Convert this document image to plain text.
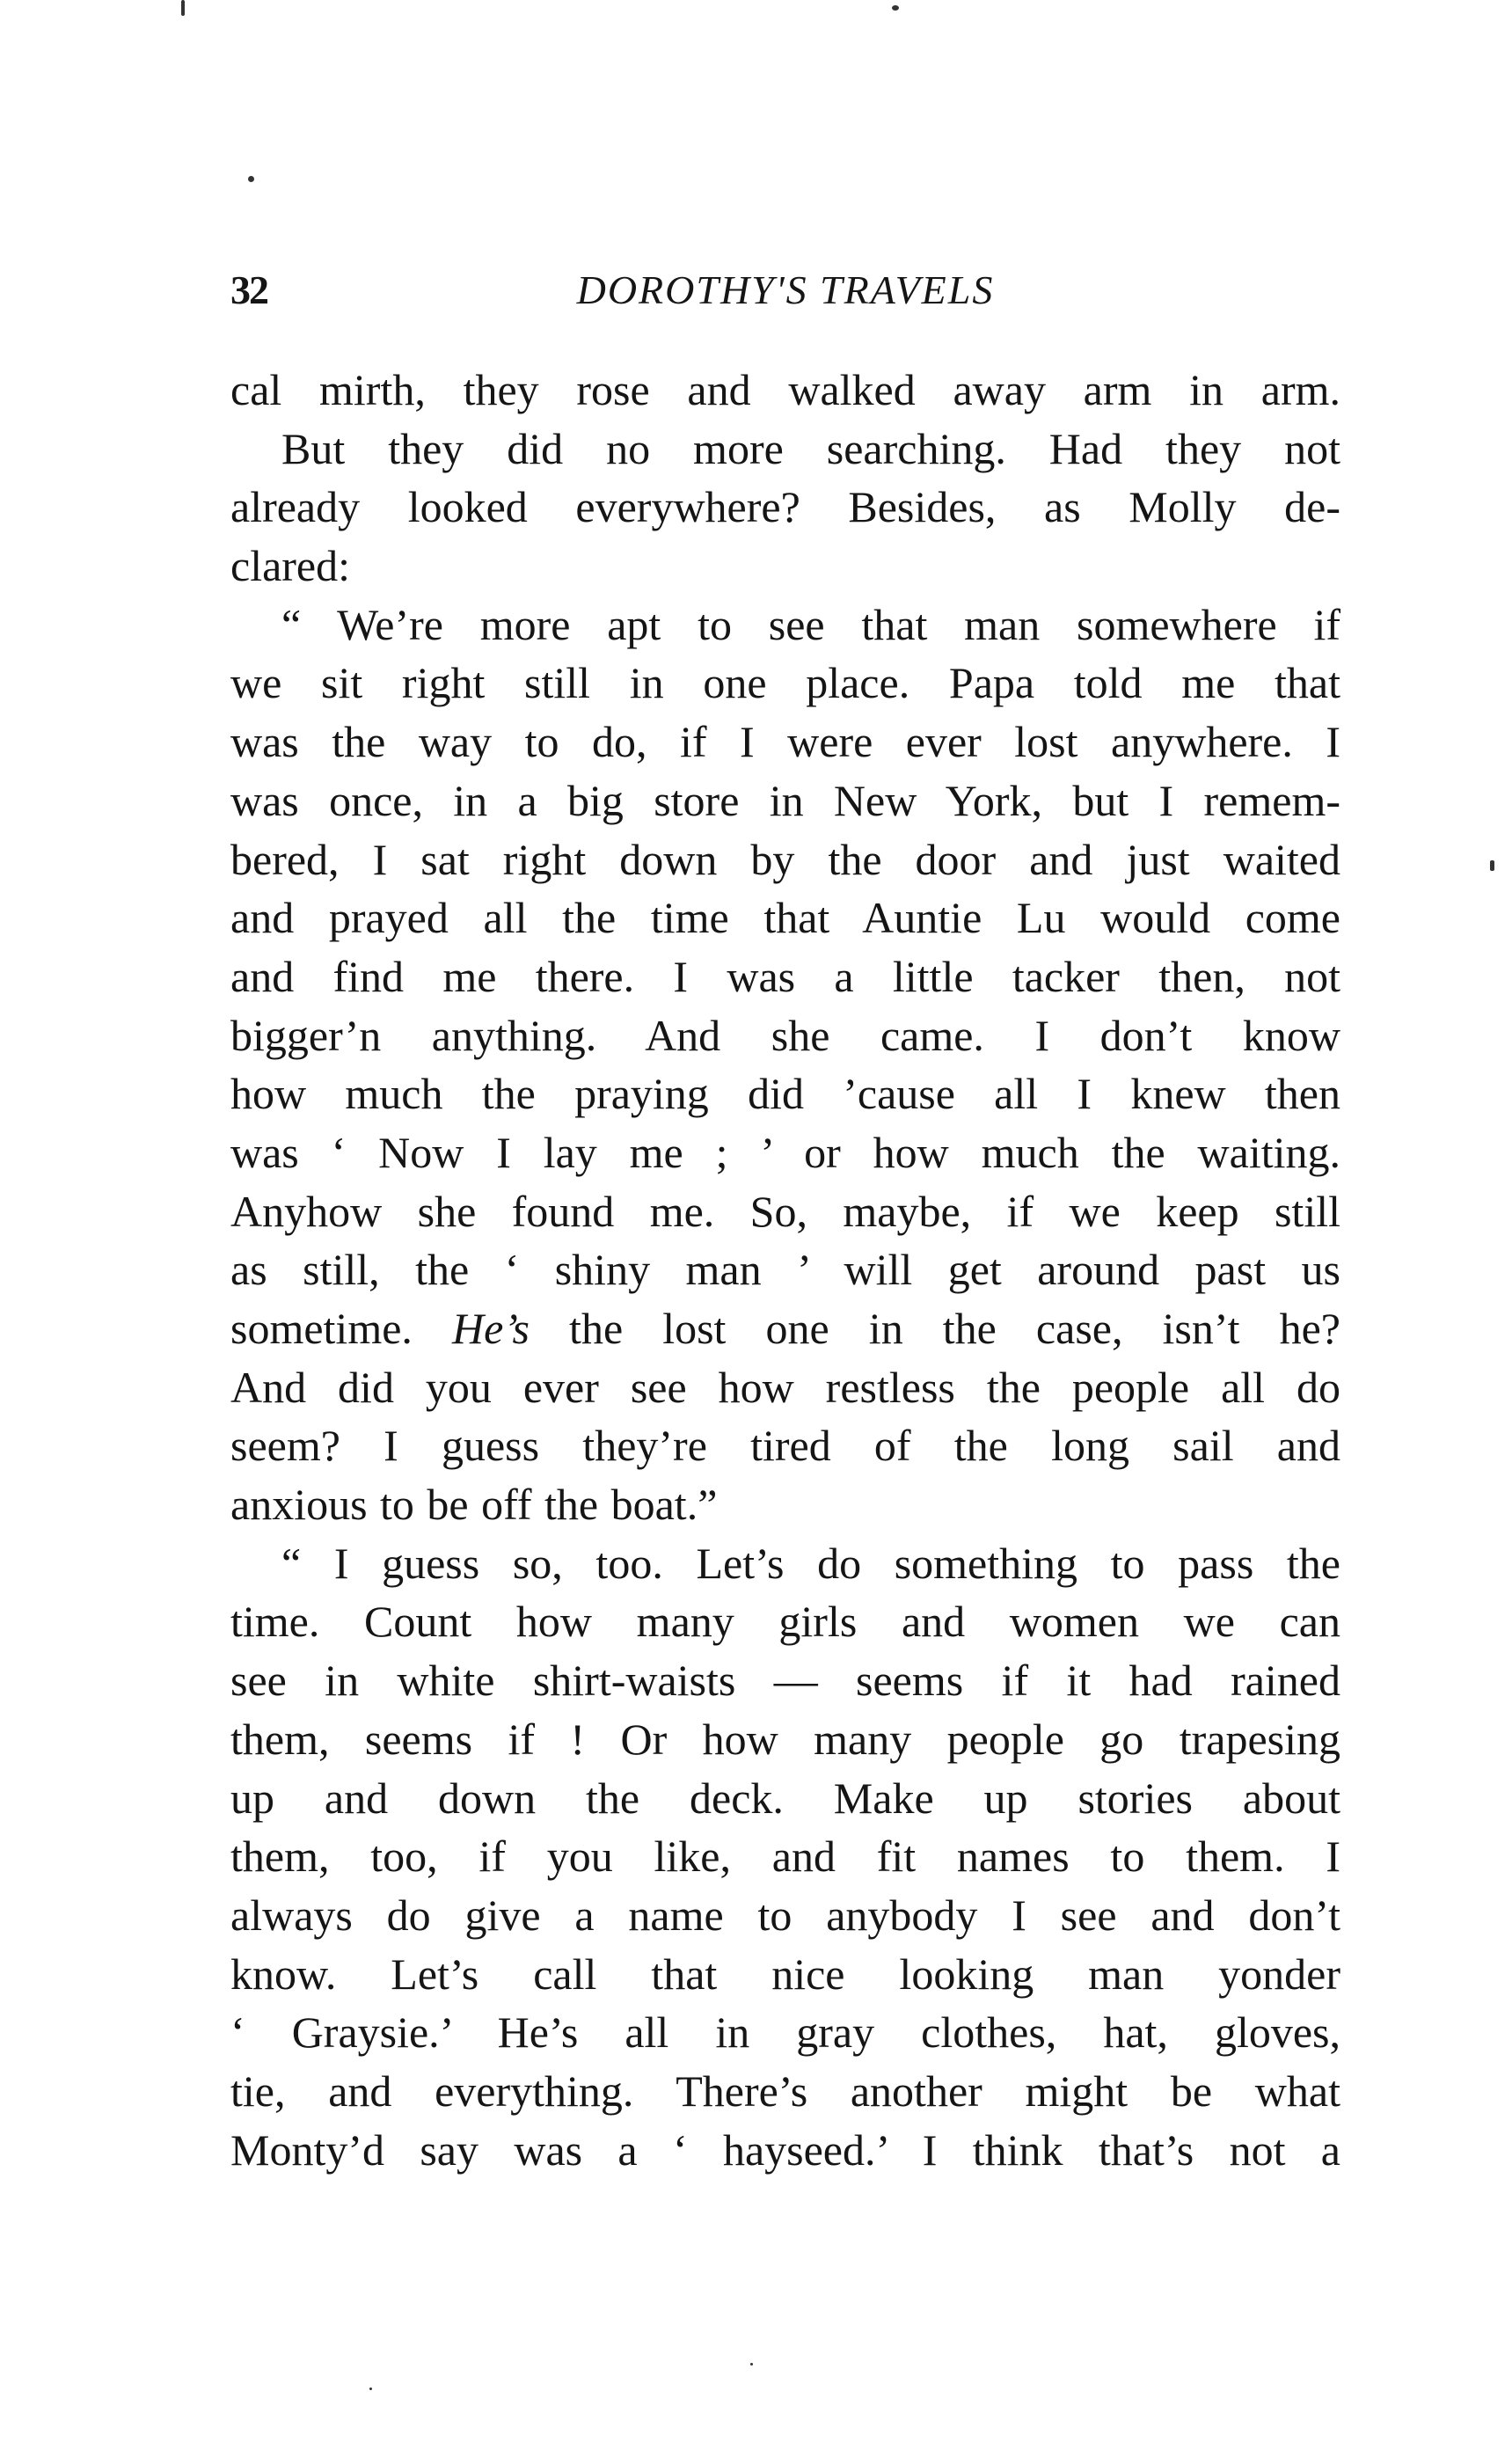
32	DOROTHY'S TRAVELS
cal mirth, they rose and walked away arm in arm.
But they did no more searching. Had they not
already looked everywhere? Besides, as Molly de-
clared:
“ We’re more apt to see that man somewhere if
we sit right still in one place. Papa told me that
was the way to do, if I were ever lost anywhere. I
was once, in a big store in New York, but I remem-
bered, I sat right down by the door and just waited
and prayed all the time that Auntie Lu would come
and find me there. I was a little tacker then, not
bigger’n anything. And she came. I don’t know
how much the praying did ’cause all I knew then
was ‘ Now I lay me ; ’ or how much the waiting.
Anyhow she found me. So, maybe, if we keep still
as still, the ‘ shiny man ’ will get around past us
sometime. He’s the lost one in the case, isn’t he?
And did you ever see how restless the people all do
seem? I guess they’re tired of the long sail and
anxious to be off the boat.”
“ I guess so, too. Let’s do something to pass the
time. Count how many girls and women we can
see in white shirt-waists — seems if it had rained
them, seems if ! Or how many people go trapesing
up and down the deck. Make up stories about
them, too, if you like, and fit names to them. I
always do give a name to anybody I see and don’t
know. Let’s call that nice looking man yonder
‘ Graysie.’ He’s all in gray clothes, hat, gloves,
tie, and everything. There’s another might be what
Monty’d say was a ‘ hayseed.’ I think that’s not a
